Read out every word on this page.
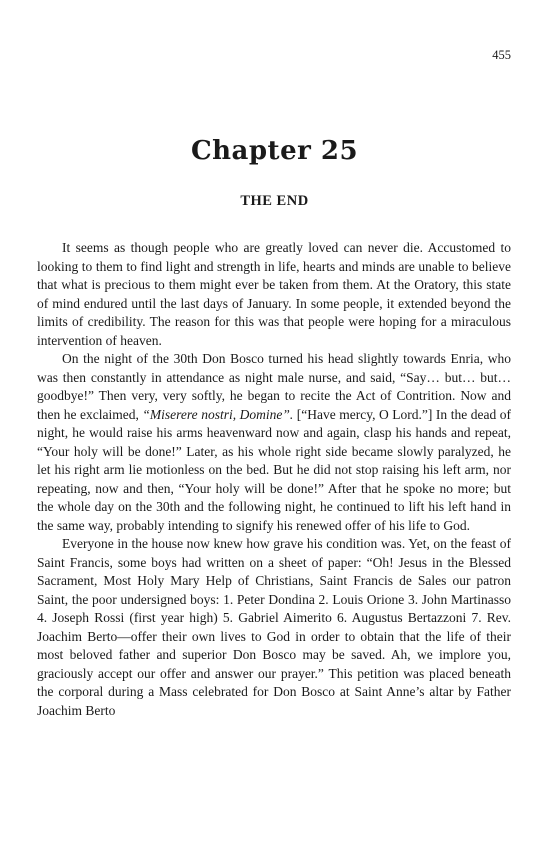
455
Chapter 25
THE END

It seems as though people who are greatly loved can never die. Accustomed to looking to them to find light and strength in life, hearts and minds are unable to believe that what is precious to them might ever be taken from them. At the Oratory, this state of mind endured until the last days of January. In some people, it extended beyond the limits of credibility. The reason for this was that people were hoping for a miraculous intervention of heaven.

On the night of the 30th Don Bosco turned his head slightly towards Enria, who was then constantly in attendance as night male nurse, and said, “Say… but… but… goodbye!” Then very, very softly, he began to recite the Act of Contrition. Now and then he exclaimed, “Miserere nostri, Domine”. [“Have mercy, O Lord.”] In the dead of night, he would raise his arms heavenward now and again, clasp his hands and repeat, “Your holy will be done!” Later, as his whole right side became slowly paralyzed, he let his right arm lie motionless on the bed. But he did not stop raising his left arm, nor repeating, now and then, “Your holy will be done!” After that he spoke no more; but the whole day on the 30th and the following night, he continued to lift his left hand in the same way, probably intending to signify his renewed offer of his life to God.

Everyone in the house now knew how grave his condition was. Yet, on the feast of Saint Francis, some boys had written on a sheet of paper: “Oh! Jesus in the Blessed Sacrament, Most Holy Mary Help of Christians, Saint Francis de Sales our patron Saint, the poor undersigned boys: 1. Peter Dondina 2. Louis Orione 3. John Martinasso 4. Joseph Rossi (first year high) 5. Gabriel Aimerito 6. Augustus Bertazzoni 7. Rev. Joachim Berto—offer their own lives to God in order to obtain that the life of their most beloved father and superior Don Bosco may be saved. Ah, we implore you, graciously accept our offer and answer our prayer.” This petition was placed beneath the corporal during a Mass celebrated for Don Bosco at Saint Anne’s altar by Father Joachim Berto
